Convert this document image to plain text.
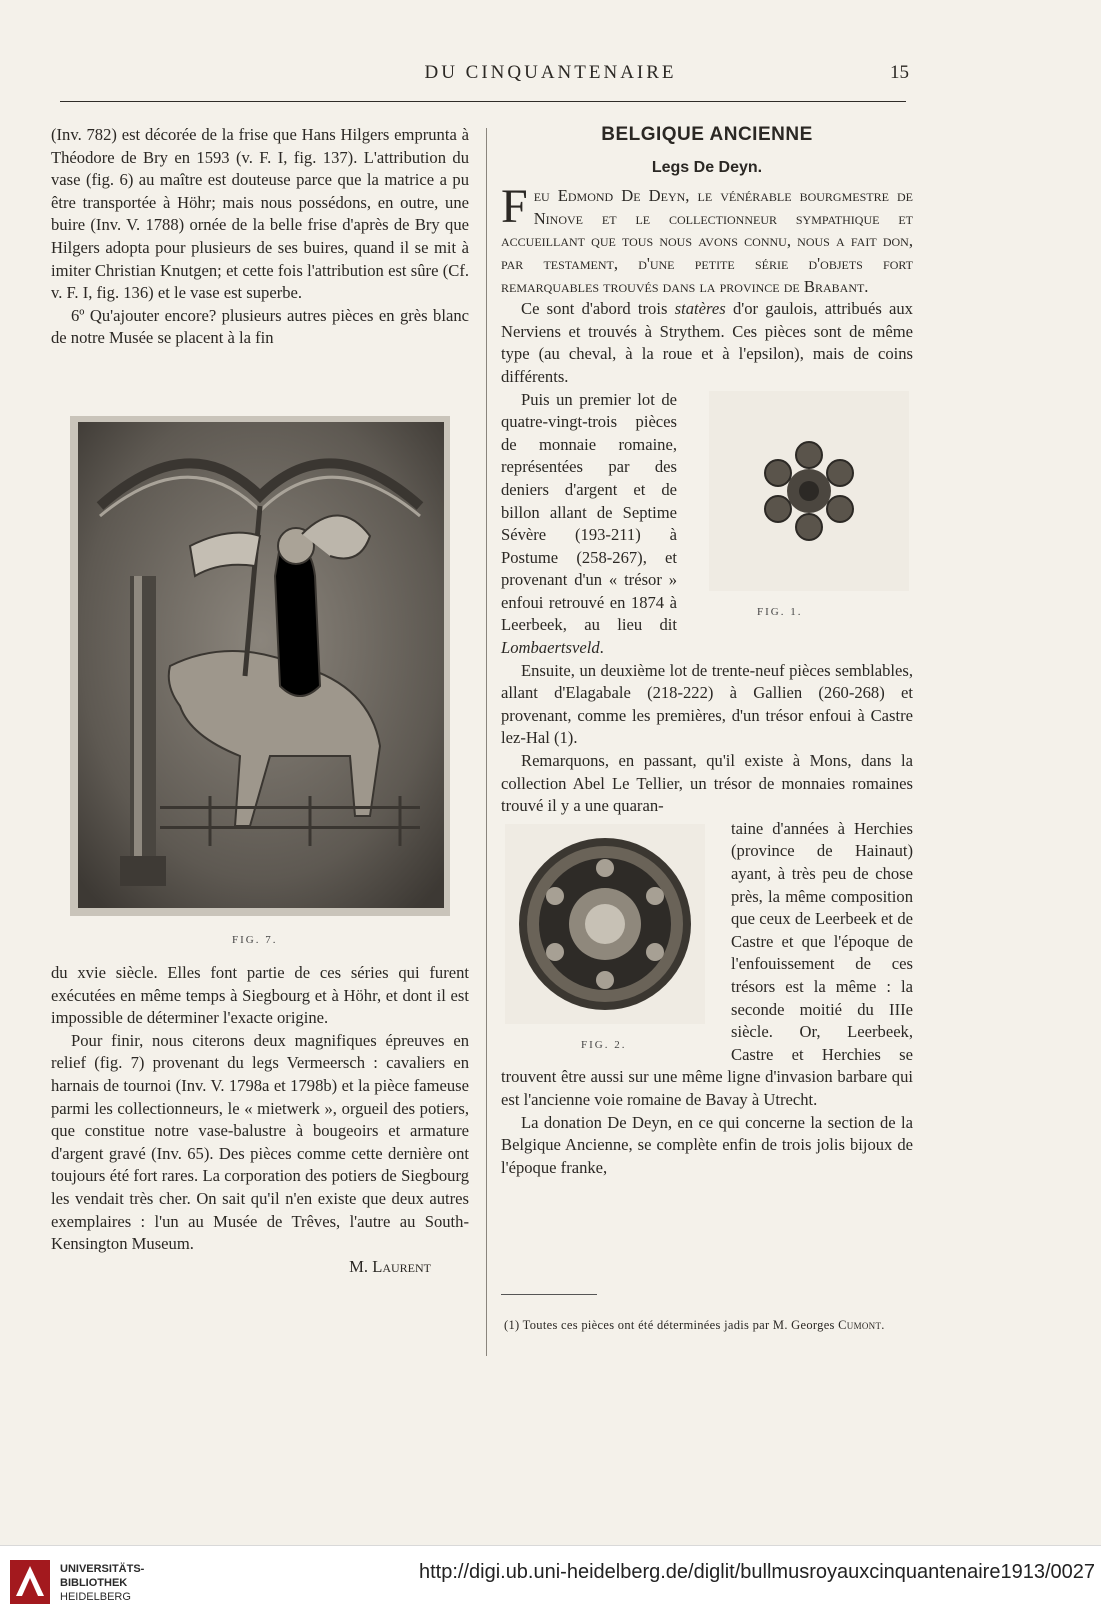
DU CINQUANTENAIRE	15

(Inv. 782) est décorée de la frise que Hans Hilgers emprunta à Théodore de Bry en 1593 (v. F. I, fig. 137). L'attribution du vase (fig. 6) au maître est douteuse parce que la matrice a pu être transportée à Höhr; mais nous possédons, en outre, une buire (Inv. V. 1788) ornée de la belle frise d'après de Bry que Hilgers adopta pour plusieurs de ses buires, quand il se mit à imiter Christian Knutgen; et cette fois l'attribution est sûre (Cf. v. F. I, fig. 136) et le vase est superbe.

6º Qu'ajouter encore? plusieurs autres pièces en grès blanc de notre Musée se placent à la fin

FIG. 7.

du xvie siècle. Elles font partie de ces séries qui furent exécutées en même temps à Siegbourg et à Höhr, et dont il est impossible de déterminer l'exacte origine.

Pour finir, nous citerons deux magnifiques épreuves en relief (fig. 7) provenant du legs Vermeersch : cavaliers en harnais de tournoi (Inv. V. 1798a et 1798b) et la pièce fameuse parmi les collectionneurs, le « mietwerk », orgueil des potiers, que constitue notre vase-balustre à bougeoirs et armature d'argent gravé (Inv. 65). Des pièces comme cette dernière ont toujours été fort rares. La corporation des potiers de Siegbourg les vendait très cher. On sait qu'il n'en existe que deux autres exemplaires : l'un au Musée de Trêves, l'autre au South-Kensington Museum.

M. Laurent

BELGIQUE ANCIENNE
Legs De Deyn.

Feu Edmond De Deyn, le vénérable bourgmestre de Ninove et le collectionneur sympathique et accueillant que tous nous avons connu, nous a fait don, par testament, d'une petite série d'objets fort remarquables trouvés dans la province de Brabant.

Ce sont d'abord trois statères d'or gaulois, attribués aux Nerviens et trouvés à Strythem. Ces pièces sont de même type (au cheval, à la roue et à l'epsilon), mais de coins différents.

FIG. 1.

Puis un premier lot de quatre-vingt-trois pièces de monnaie romaine, représentées par des deniers d'argent et de billon allant de Septime Sévère (193-211) à Postume (258-267), et provenant d'un « trésor » enfoui retrouvé en 1874 à Leerbeek, au lieu dit Lombaertsveld.

Ensuite, un deuxième lot de trente-neuf pièces semblables, allant d'Elagabale (218-222) à Gallien (260-268) et provenant, comme les premières, d'un trésor enfoui à Castre lez-Hal (1).

Remarquons, en passant, qu'il existe à Mons, dans la collection Abel Le Tellier, un trésor de monnaies romaines trouvé il y a une quaran-

FIG. 2.

taine d'années à Herchies (province de Hainaut) ayant, à très peu de chose près, la même composition que ceux de Leerbeek et de Castre et que l'époque de l'enfouissement de ces trésors est la même : la seconde moitié du IIIe siècle. Or, Leerbeek, Castre et Herchies se trouvent être aussi sur une même ligne d'invasion barbare qui est l'ancienne voie romaine de Bavay à Utrecht.

La donation De Deyn, en ce qui concerne la section de la Belgique Ancienne, se complète enfin de trois jolis bijoux de l'époque franke,

(1) Toutes ces pièces ont été déterminées jadis par M. Georges Cumont.
UNIVERSITÄTS-
BIBLIOTHEK
HEIDELBERG
http://digi.ub.uni-heidelberg.de/diglit/bullmusroyauxcinquantenaire1913/0027
